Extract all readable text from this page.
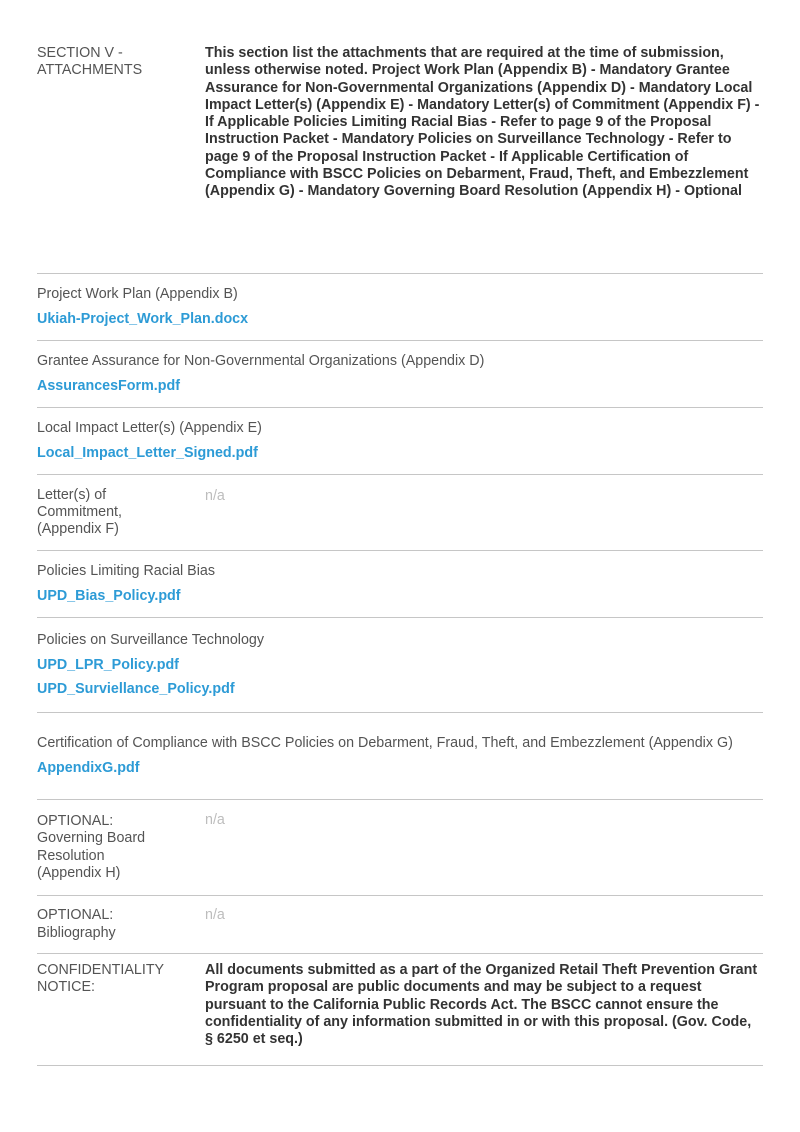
SECTION V - ATTACHMENTS
This section list the attachments that are required at the time of submission, unless otherwise noted. Project Work Plan (Appendix B) - Mandatory Grantee Assurance for Non-Governmental Organizations (Appendix D) - Mandatory Local Impact Letter(s) (Appendix E) - Mandatory Letter(s) of Commitment (Appendix F) - If Applicable Policies Limiting Racial Bias - Refer to page 9 of the Proposal Instruction Packet - Mandatory Policies on Surveillance Technology - Refer to page 9 of the Proposal Instruction Packet - If Applicable Certification of Compliance with BSCC Policies on Debarment, Fraud, Theft, and Embezzlement (Appendix G) - Mandatory Governing Board Resolution (Appendix H) - Optional
Project Work Plan (Appendix B)
Ukiah-Project_Work_Plan.docx
Grantee Assurance for Non-Governmental Organizations (Appendix D)
AssurancesForm.pdf
Local Impact Letter(s) (Appendix E)
Local_Impact_Letter_Signed.pdf
Letter(s) of Commitment, (Appendix F)
n/a
Policies Limiting Racial Bias
UPD_Bias_Policy.pdf
Policies on Surveillance Technology
UPD_LPR_Policy.pdf
UPD_Surviellance_Policy.pdf
Certification of Compliance with BSCC Policies on Debarment, Fraud, Theft, and Embezzlement (Appendix G)
AppendixG.pdf
OPTIONAL: Governing Board Resolution (Appendix H)
n/a
OPTIONAL: Bibliography
n/a
CONFIDENTIALITY NOTICE:
All documents submitted as a part of the Organized Retail Theft Prevention Grant Program proposal are public documents and may be subject to a request pursuant to the California Public Records Act. The BSCC cannot ensure the confidentiality of any information submitted in or with this proposal. (Gov. Code, § 6250 et seq.)
